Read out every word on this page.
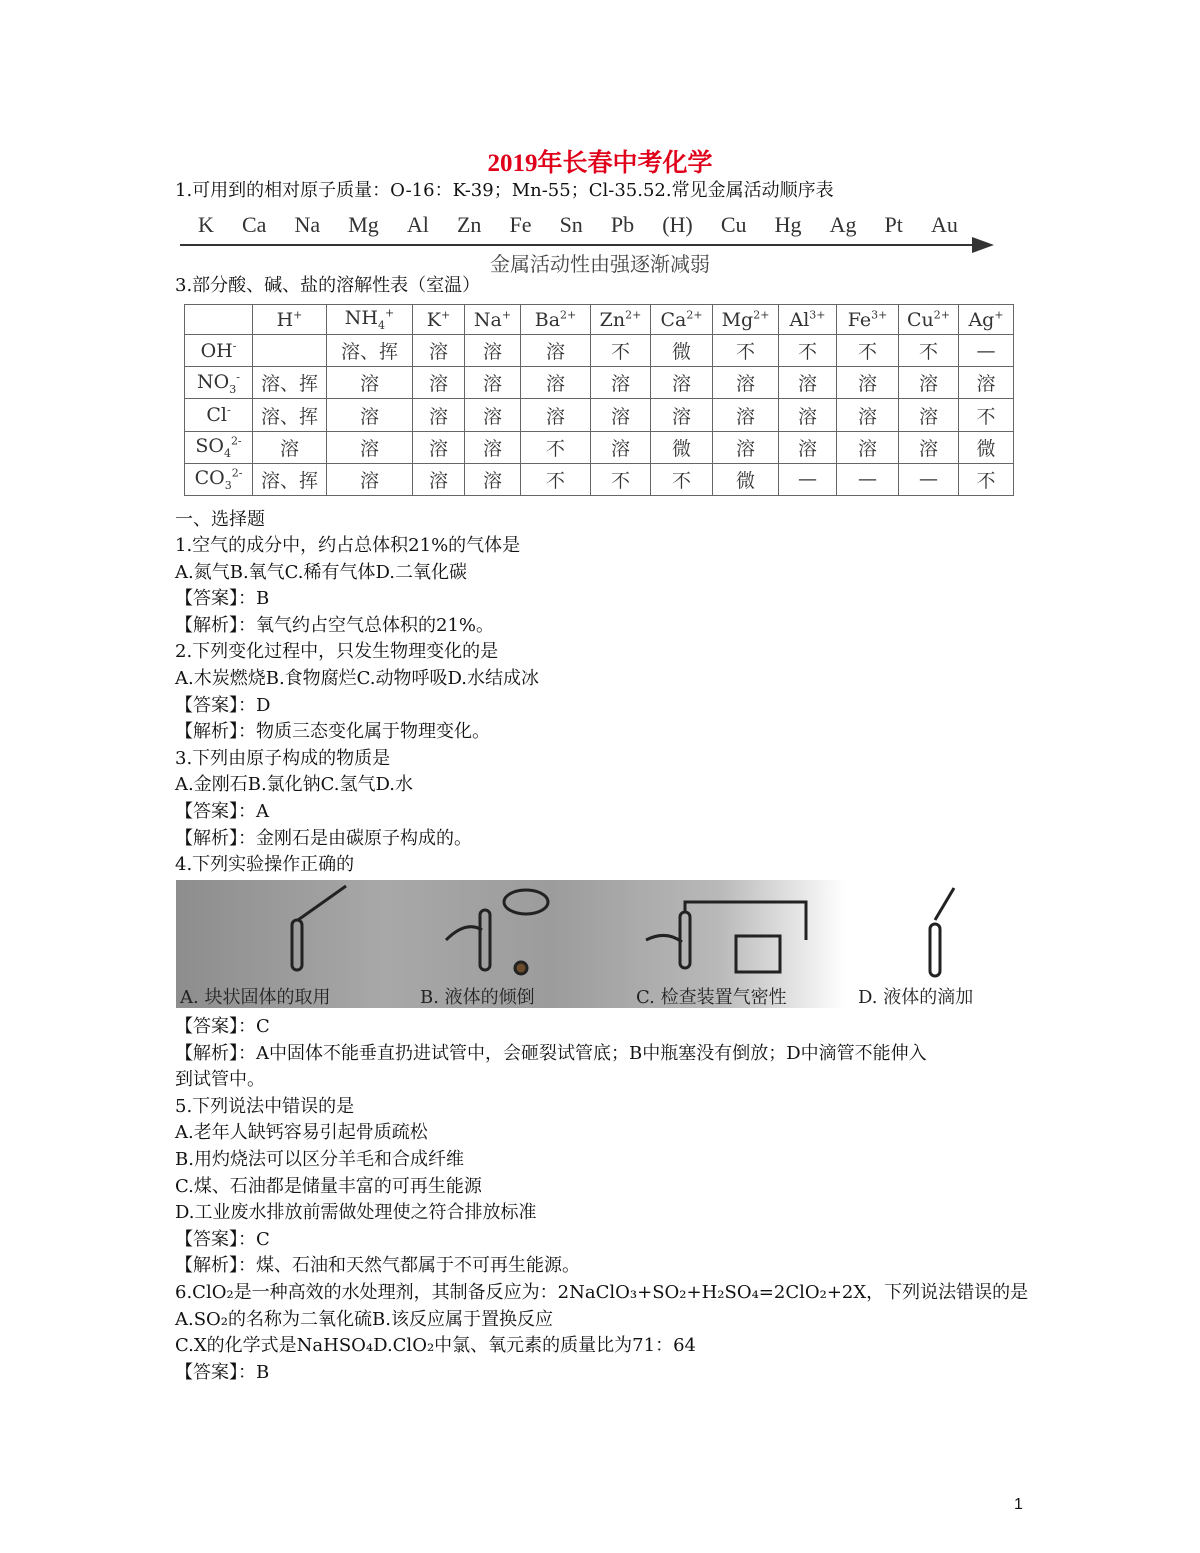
2019年长春中考化学
1.可用到的相对原子质量：O-16：K-39；Mn-55；Cl-35.52.常见金属活动顺序表
K Ca Na Mg Al Zn Fe Sn Pb (H) Cu Hg Ag Pt Au
金属活动性由强逐渐减弱
3.部分酸、碱、盐的溶解性表（室温）
	H+	$NH_4^+$	K+	Na+	$Ba^{2+}$	$Zn^{2+}$	$Ca^{2+}$	$Mg^{2+}$	$Al^{3+}$	$Fe^{3+}$	$Cu^{2+}$	Ag+
OH-		溶、挥	溶	溶	溶	不	微	不	不	不	不	—
$NO_3^-$	溶、挥	溶	溶	溶	溶	溶	溶	溶	溶	溶	溶	溶
Cl-	溶、挥	溶	溶	溶	溶	溶	溶	溶	溶	溶	溶	不
$SO_4^{2-}$	溶	溶	溶	溶	不	溶	微	溶	溶	溶	溶	微
$CO_3^{2-}$	溶、挥	溶	溶	溶	不	不	不	微	—	—	—	不
一、选择题
1.空气的成分中，约占总体积21%的气体是
A.氮气B.氧气C.稀有气体D.二氧化碳
【答案】：B
【解析】：氧气约占空气总体积的21%。
2.下列变化过程中，只发生物理变化的是
A.木炭燃烧B.食物腐烂C.动物呼吸D.水结成冰
【答案】：D
【解析】：物质三态变化属于物理变化。
3.下列由原子构成的物质是
A.金刚石B.氯化钠C.氢气D.水
【答案】：A
【解析】：金刚石是由碳原子构成的。
4.下列实验操作正确的
A. 块状固体的取用	B. 液体的倾倒	C. 检查装置气密性	D. 液体的滴加
【答案】：C
【解析】：A中固体不能垂直扔进试管中，会砸裂试管底；B中瓶塞没有倒放；D中滴管不能伸入
到试管中。
5.下列说法中错误的是
A.老年人缺钙容易引起骨质疏松
B.用灼烧法可以区分羊毛和合成纤维
C.煤、石油都是储量丰富的可再生能源
D.工业废水排放前需做处理使之符合排放标准
【答案】：C
【解析】：煤、石油和天然气都属于不可再生能源。
6.ClO₂是一种高效的水处理剂，其制备反应为：2NaClO₃+SO₂+H₂SO₄=2ClO₂+2X，下列说法错误的是
A.SO₂的名称为二氧化硫B.该反应属于置换反应
C.X的化学式是NaHSO₄D.ClO₂中氯、氧元素的质量比为71：64
【答案】：B
1
